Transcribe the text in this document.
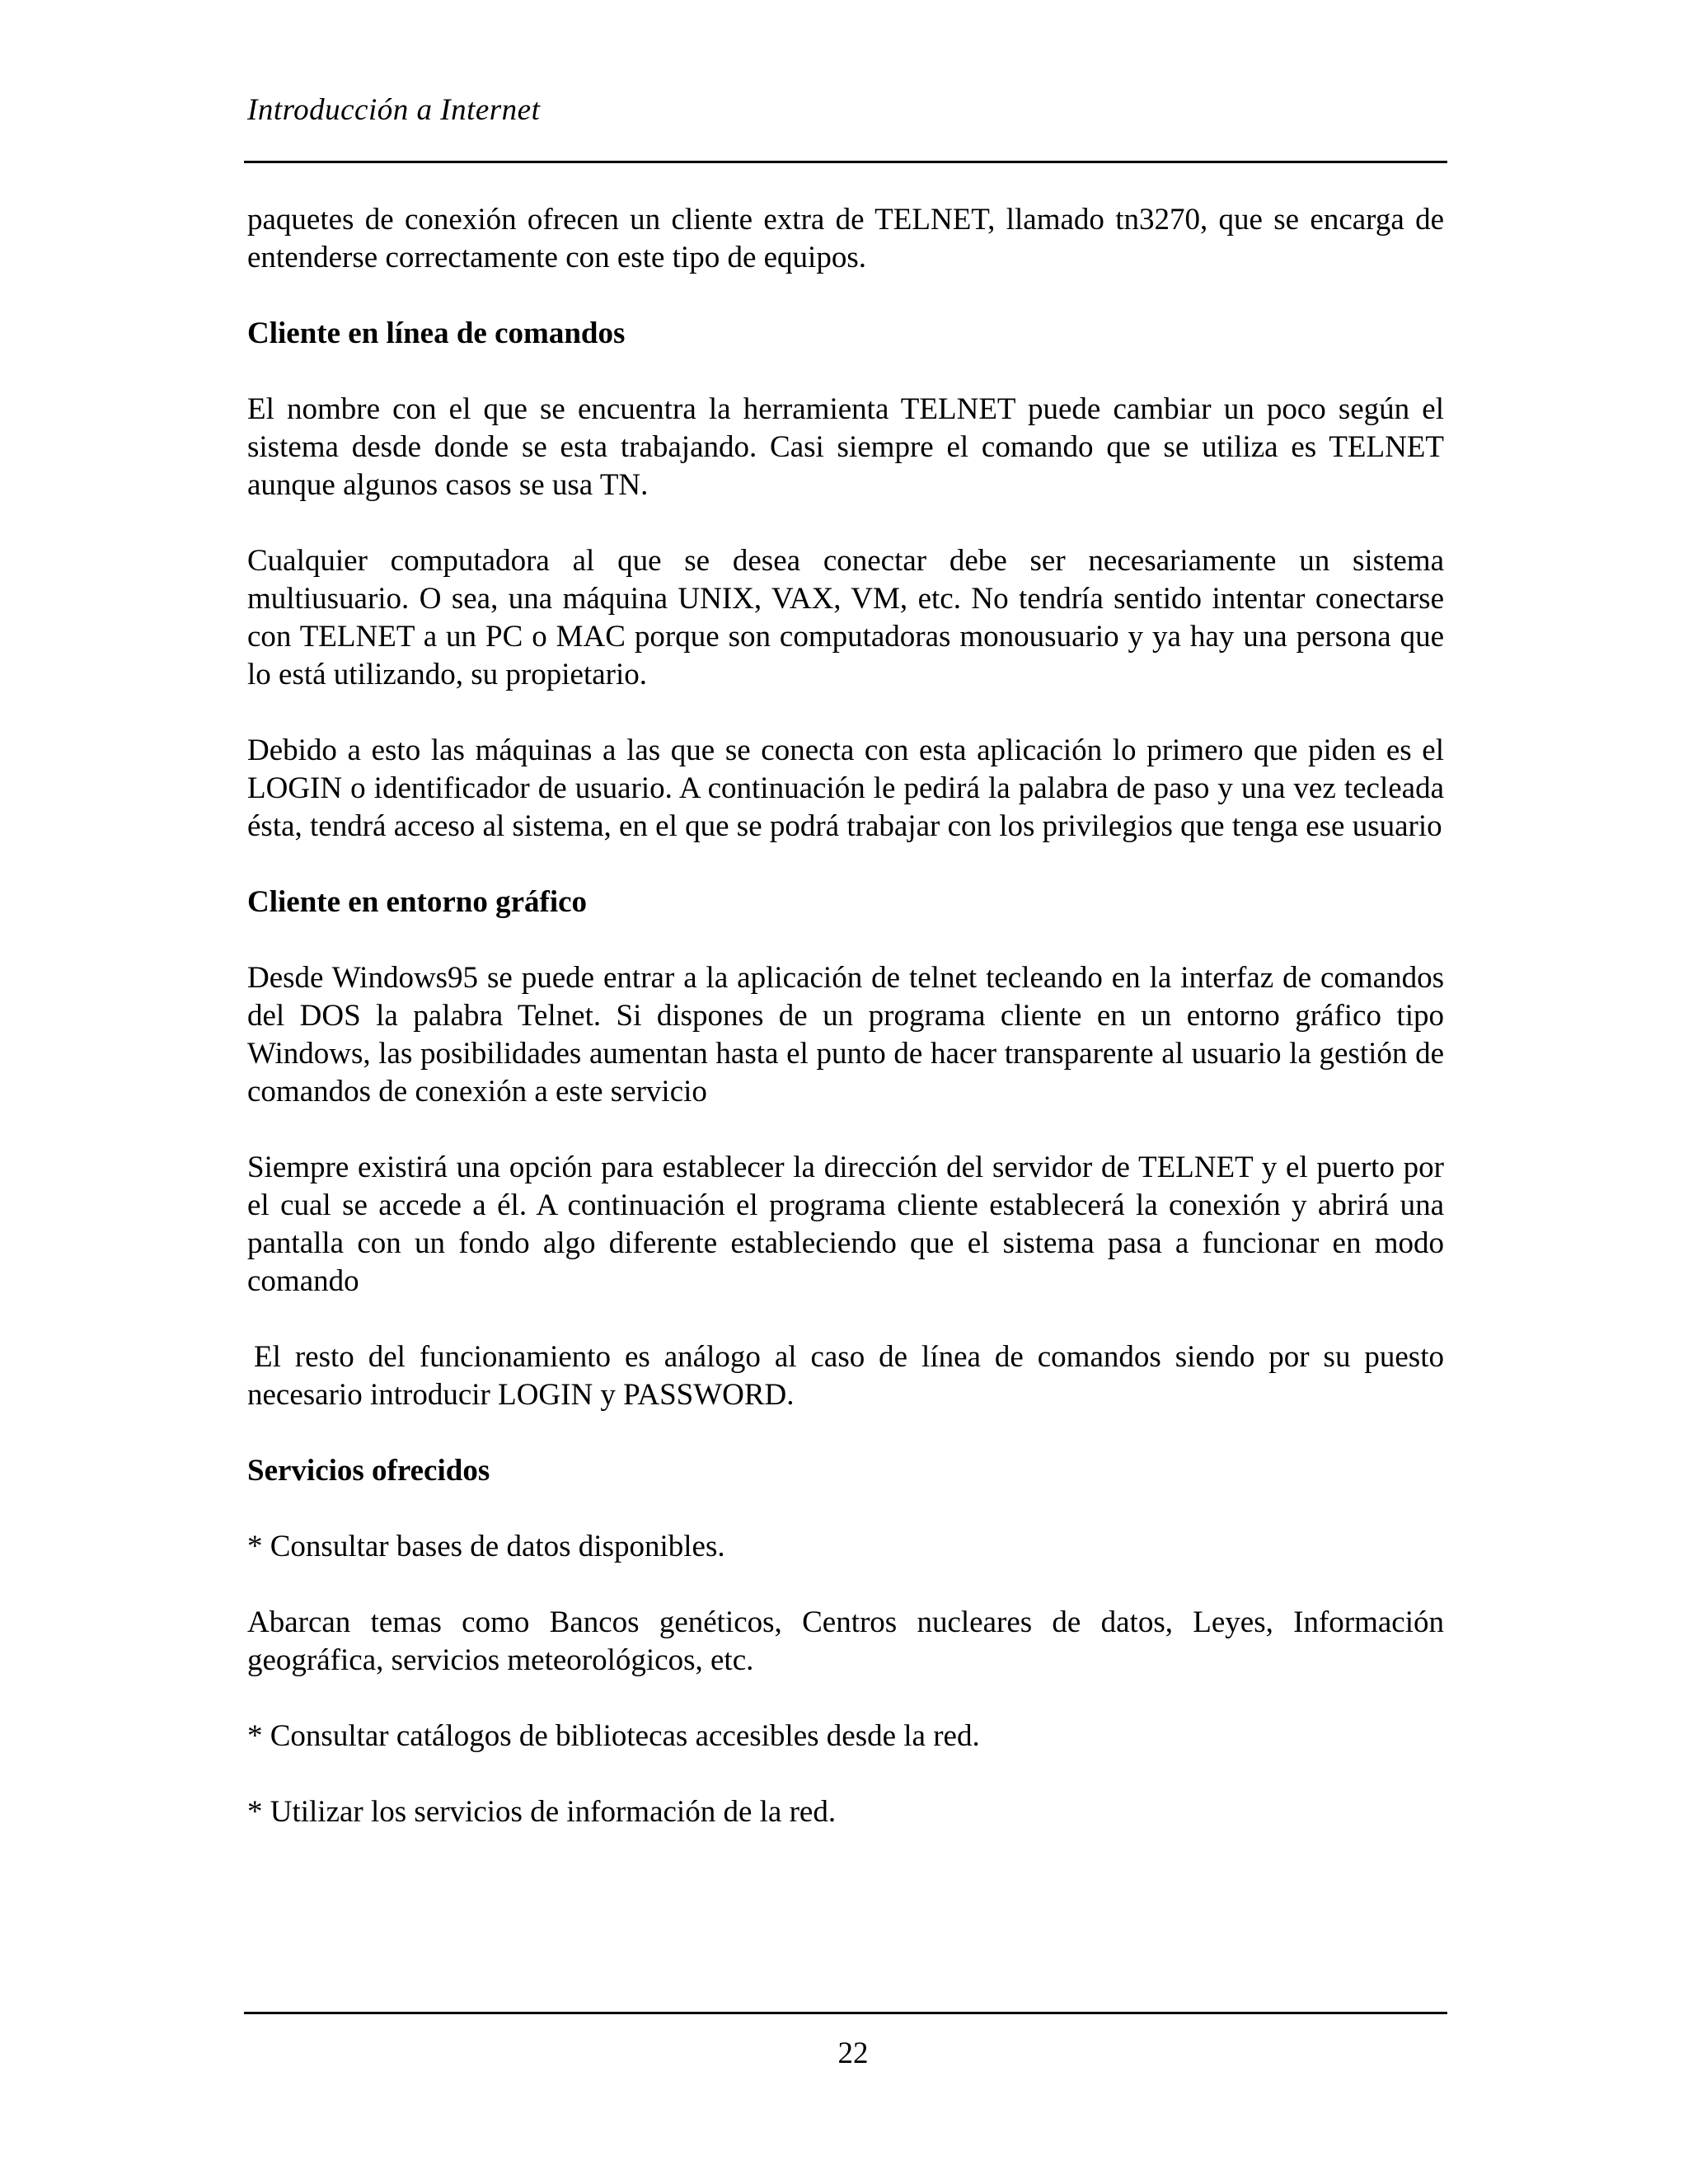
Introducción a Internet

paquetes de conexión ofrecen un cliente extra de TELNET, llamado tn3270, que se encarga de entenderse correctamente con este tipo de equipos.

Cliente en línea de comandos

El nombre con el que se encuentra la herramienta TELNET puede cambiar un poco según el sistema desde donde se esta trabajando. Casi siempre el comando que se utiliza es TELNET aunque algunos casos se usa TN.

Cualquier computadora al que se desea conectar debe ser necesariamente un sistema multiusuario. O sea, una máquina UNIX, VAX, VM, etc. No tendría sentido intentar conectarse con TELNET a un PC o MAC porque son computadoras monousuario y ya hay una persona que lo está utilizando, su propietario.

Debido a esto las máquinas a las que se conecta con esta aplicación lo primero que piden es el LOGIN o identificador de usuario. A continuación le pedirá la palabra de paso y una vez tecleada ésta, tendrá acceso al sistema, en el que se podrá trabajar con los privilegios que tenga ese usuario

Cliente en entorno gráfico

Desde Windows95 se puede entrar a la aplicación de telnet tecleando en la interfaz de comandos del DOS la palabra Telnet. Si dispones de un programa cliente en un entorno gráfico tipo Windows, las posibilidades aumentan hasta el punto de hacer transparente al usuario la gestión de comandos de conexión a este servicio

Siempre existirá una opción para establecer la dirección del servidor de TELNET y el puerto por el cual se accede a él. A continuación el programa cliente establecerá la conexión y abrirá una pantalla con un fondo algo diferente estableciendo que el sistema pasa a funcionar en modo comando

El resto del funcionamiento es análogo al caso de línea de comandos siendo por su puesto necesario introducir LOGIN y PASSWORD.

Servicios ofrecidos

* Consultar bases de datos disponibles.

Abarcan temas como Bancos genéticos, Centros nucleares de datos, Leyes, Información geográfica, servicios meteorológicos, etc.

* Consultar catálogos de bibliotecas accesibles desde la red.

* Utilizar los servicios de información de la red.

22
